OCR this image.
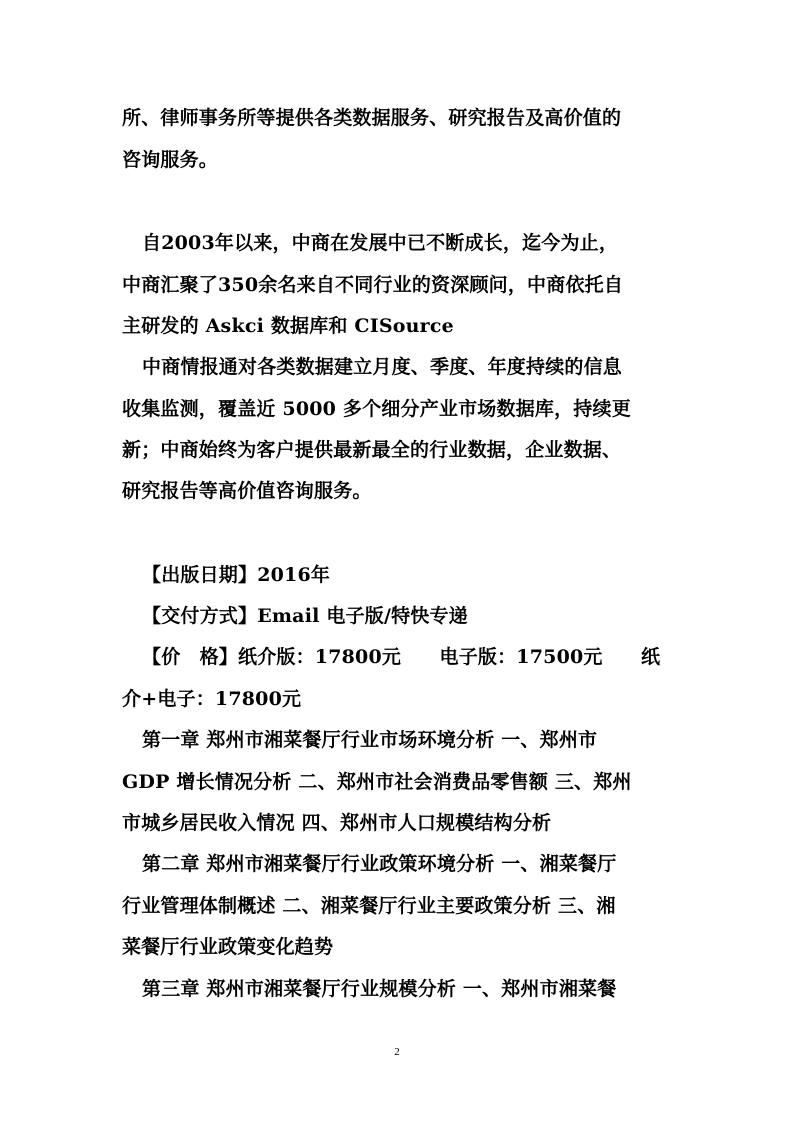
所、律师事务所等提供各类数据服务、研究报告及高价值的
咨询服务。
自2003年以来，中商在发展中已不断成长，迄今为止，
中商汇聚了350余名来自不同行业的资深顾问，中商依托自
主研发的 Askci 数据库和 CISource
中商情报通对各类数据建立月度、季度、年度持续的信息
收集监测，覆盖近 5000 多个细分产业市场数据库，持续更
新；中商始终为客户提供最新最全的行业数据，企业数据、
研究报告等高价值咨询服务。
【出版日期】2016年
【交付方式】Email 电子版/特快专递
【价　格】纸介版：17800元　　电子版：17500元　　纸
介+电子：17800元
第一章 郑州市湘菜餐厅行业市场环境分析 一、郑州市
GDP 增长情况分析 二、郑州市社会消费品零售额 三、郑州
市城乡居民收入情况 四、郑州市人口规模结构分析
第二章 郑州市湘菜餐厅行业政策环境分析 一、湘菜餐厅
行业管理体制概述 二、湘菜餐厅行业主要政策分析 三、湘
菜餐厅行业政策变化趋势
第三章 郑州市湘菜餐厅行业规模分析 一、郑州市湘菜餐
2
